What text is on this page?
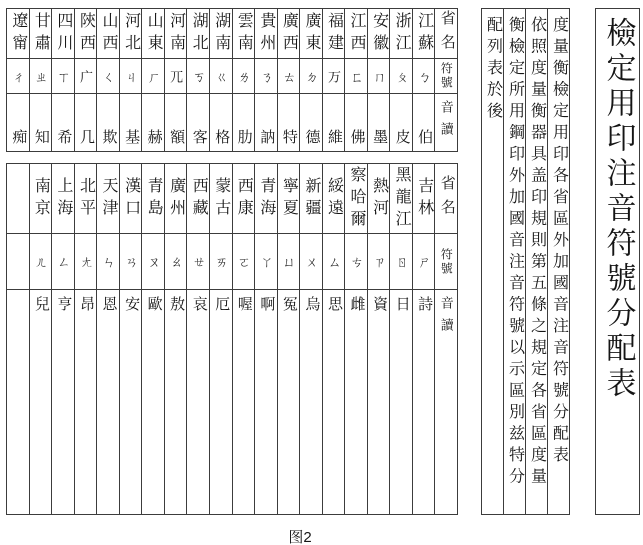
省名
符號
音讀
江蘇
ㄅ
伯
浙江
ㄆ
皮
安徽
ㄇ
墨
江西
ㄈ
佛
福建
万
維
廣東
ㄉ
德
廣西
ㄊ
特
貴州
ㄋ
訥
雲南
ㄌ
肋
湖南
ㄍ
格
湖北
ㄎ
客
河南
兀
額
山東
ㄏ
赫
河北
ㄐ
基
山西
ㄑ
欺
陝西
广
几
四川
ㄒ
希
甘肅
ㄓ
知
遼甯
ㄔ
痴
省名
符號
音讀
吉林
ㄕ
詩
黑龍江
ㄖ
日
熱河
ㄗ
資
察哈爾
ㄘ
雌
綏遠
ㄙ
思
新疆
ㄨ
烏
寧夏
ㄩ
冤
青海
ㄚ
啊
西康
ㄛ
喔
蒙古
ㄞ
厄
西藏
ㄝ
哀
廣州
ㄠ
敖
青島
ㄡ
歐
漢口
ㄢ
安
天津
ㄣ
恩
北平
ㄤ
昂
上海
ㄥ
亨
南京
ㄦ
兒	度量衡檢定用印各省區外加國音注音符號分配表
依照度量衡器具盖印規則第五條之規定各省區度量
衡檢定所用鋼印外加國音注音符號以示區別兹特分
配列表於後	檢定用印注音符號分配表
图2
